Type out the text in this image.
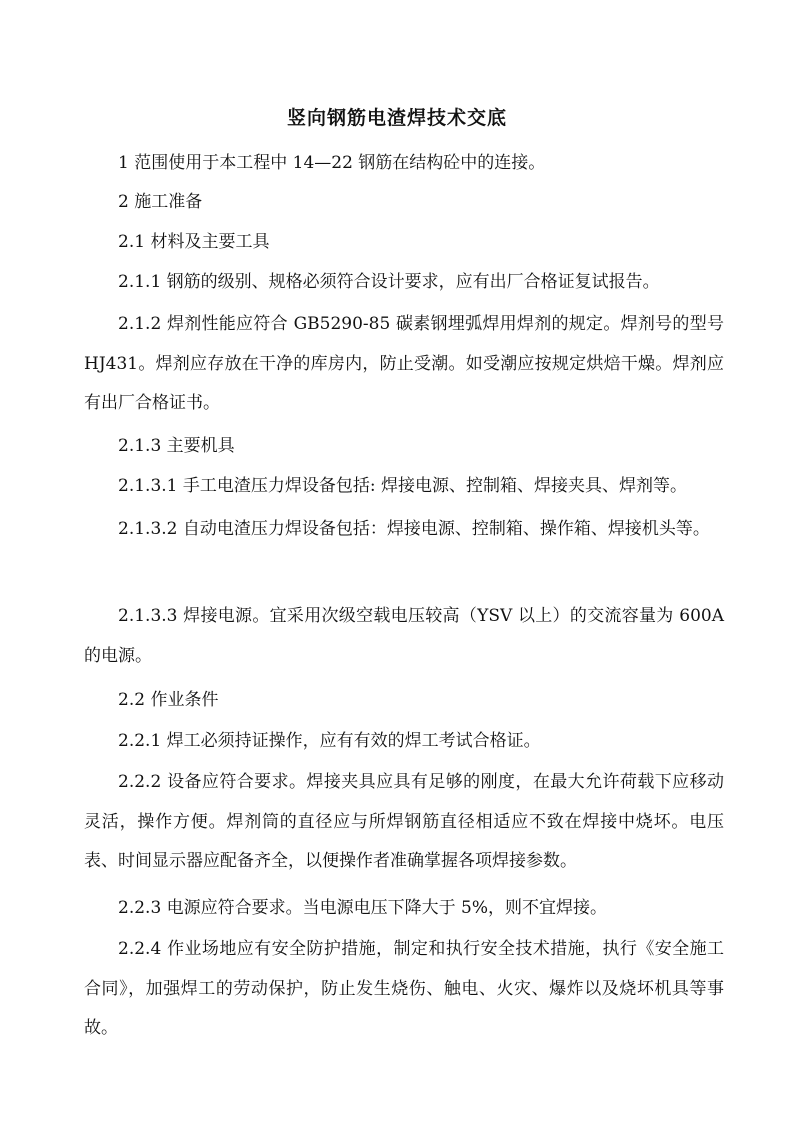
竖向钢筋电渣焊技术交底
1 范围使用于本工程中 14—22 钢筋在结构砼中的连接。
2 施工准备
2.1 材料及主要工具
2.1.1 钢筋的级别、规格必须符合设计要求，应有出厂合格证复试报告。
2.1.2 焊剂性能应符合 GB5290-85 碳素钢埋弧焊用焊剂的规定。焊剂号的型号 HJ431。焊剂应存放在干净的库房内，防止受潮。如受潮应按规定烘焙干燥。焊剂应有出厂合格证书。
2.1.3 主要机具
2.1.3.1 手工电渣压力焊设备包括: 焊接电源、控制箱、焊接夹具、焊剂等。
2.1.3.2 自动电渣压力焊设备包括：焊接电源、控制箱、操作箱、焊接机头等。
2.1.3.3 焊接电源。宜采用次级空载电压较高（YSV 以上）的交流容量为 600A 的电源。
2.2 作业条件
2.2.1 焊工必须持证操作，应有有效的焊工考试合格证。
2.2.2 设备应符合要求。焊接夹具应具有足够的刚度，在最大允许荷载下应移动灵活，操作方便。焊剂筒的直径应与所焊钢筋直径相适应不致在焊接中烧坏。电压表、时间显示器应配备齐全，以便操作者准确掌握各项焊接参数。
2.2.3 电源应符合要求。当电源电压下降大于 5%，则不宜焊接。
2.2.4 作业场地应有安全防护措施，制定和执行安全技术措施，执行《安全施工合同》，加强焊工的劳动保护，防止发生烧伤、触电、火灾、爆炸以及烧坏机具等事故。
